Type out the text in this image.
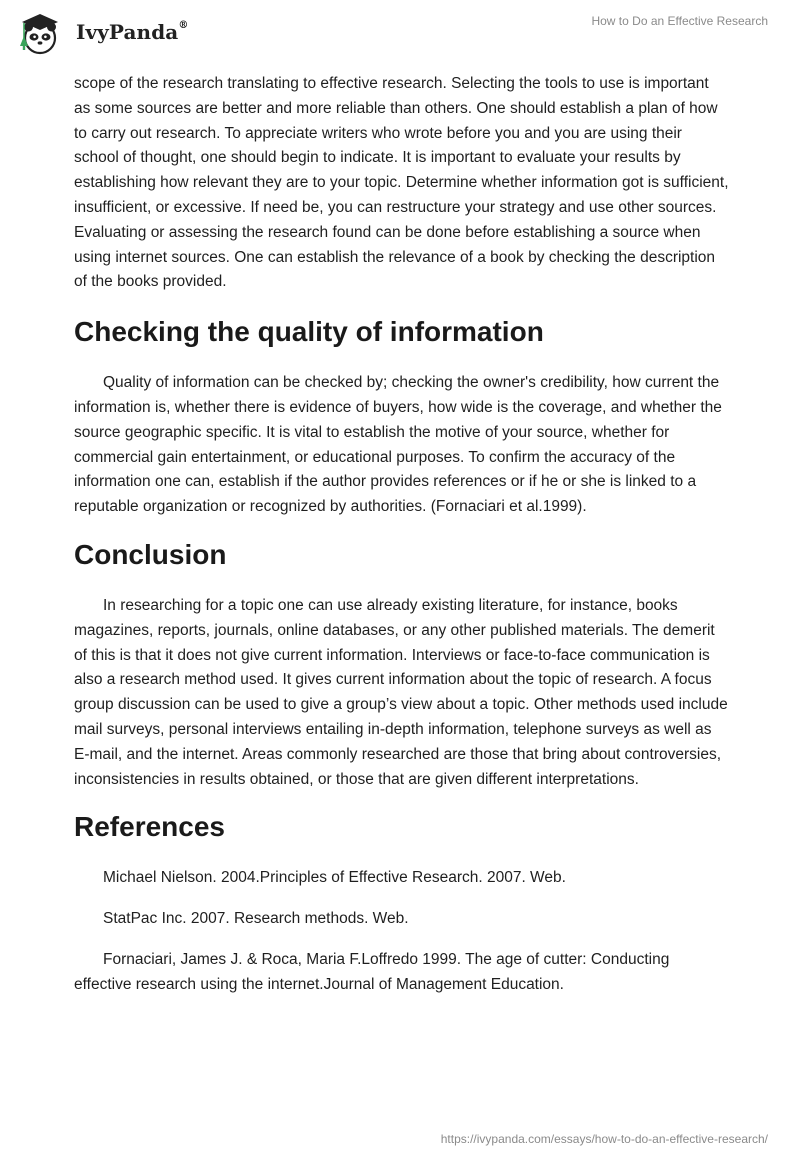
IvyPanda®	How to Do an Effective Research

scope of the research translating to effective research. Selecting the tools to use is important as some sources are better and more reliable than others. One should establish a plan of how to carry out research. To appreciate writers who wrote before you and you are using their school of thought, one should begin to indicate. It is important to evaluate your results by establishing how relevant they are to your topic. Determine whether information got is sufficient, insufficient, or excessive. If need be, you can restructure your strategy and use other sources. Evaluating or assessing the research found can be done before establishing a source when using internet sources. One can establish the relevance of a book by checking the description of the books provided.

Checking the quality of information

Quality of information can be checked by; checking the owner's credibility, how current the information is, whether there is evidence of buyers, how wide is the coverage, and whether the source geographic specific. It is vital to establish the motive of your source, whether for commercial gain entertainment, or educational purposes. To confirm the accuracy of the information one can, establish if the author provides references or if he or she is linked to a reputable organization or recognized by authorities. (Fornaciari et al.1999).

Conclusion

In researching for a topic one can use already existing literature, for instance, books magazines, reports, journals, online databases, or any other published materials. The demerit of this is that it does not give current information. Interviews or face-to-face communication is also a research method used. It gives current information about the topic of research. A focus group discussion can be used to give a group’s view about a topic. Other methods used include mail surveys, personal interviews entailing in-depth information, telephone surveys as well as E-mail, and the internet. Areas commonly researched are those that bring about controversies, inconsistencies in results obtained, or those that are given different interpretations.

References

Michael Nielson. 2004.Principles of Effective Research. 2007. Web.

StatPac Inc. 2007. Research methods. Web.

Fornaciari, James J. & Roca, Maria F.Loffredo 1999. The age of cutter: Conducting effective research using the internet.Journal of Management Education.

https://ivypanda.com/essays/how-to-do-an-effective-research/
